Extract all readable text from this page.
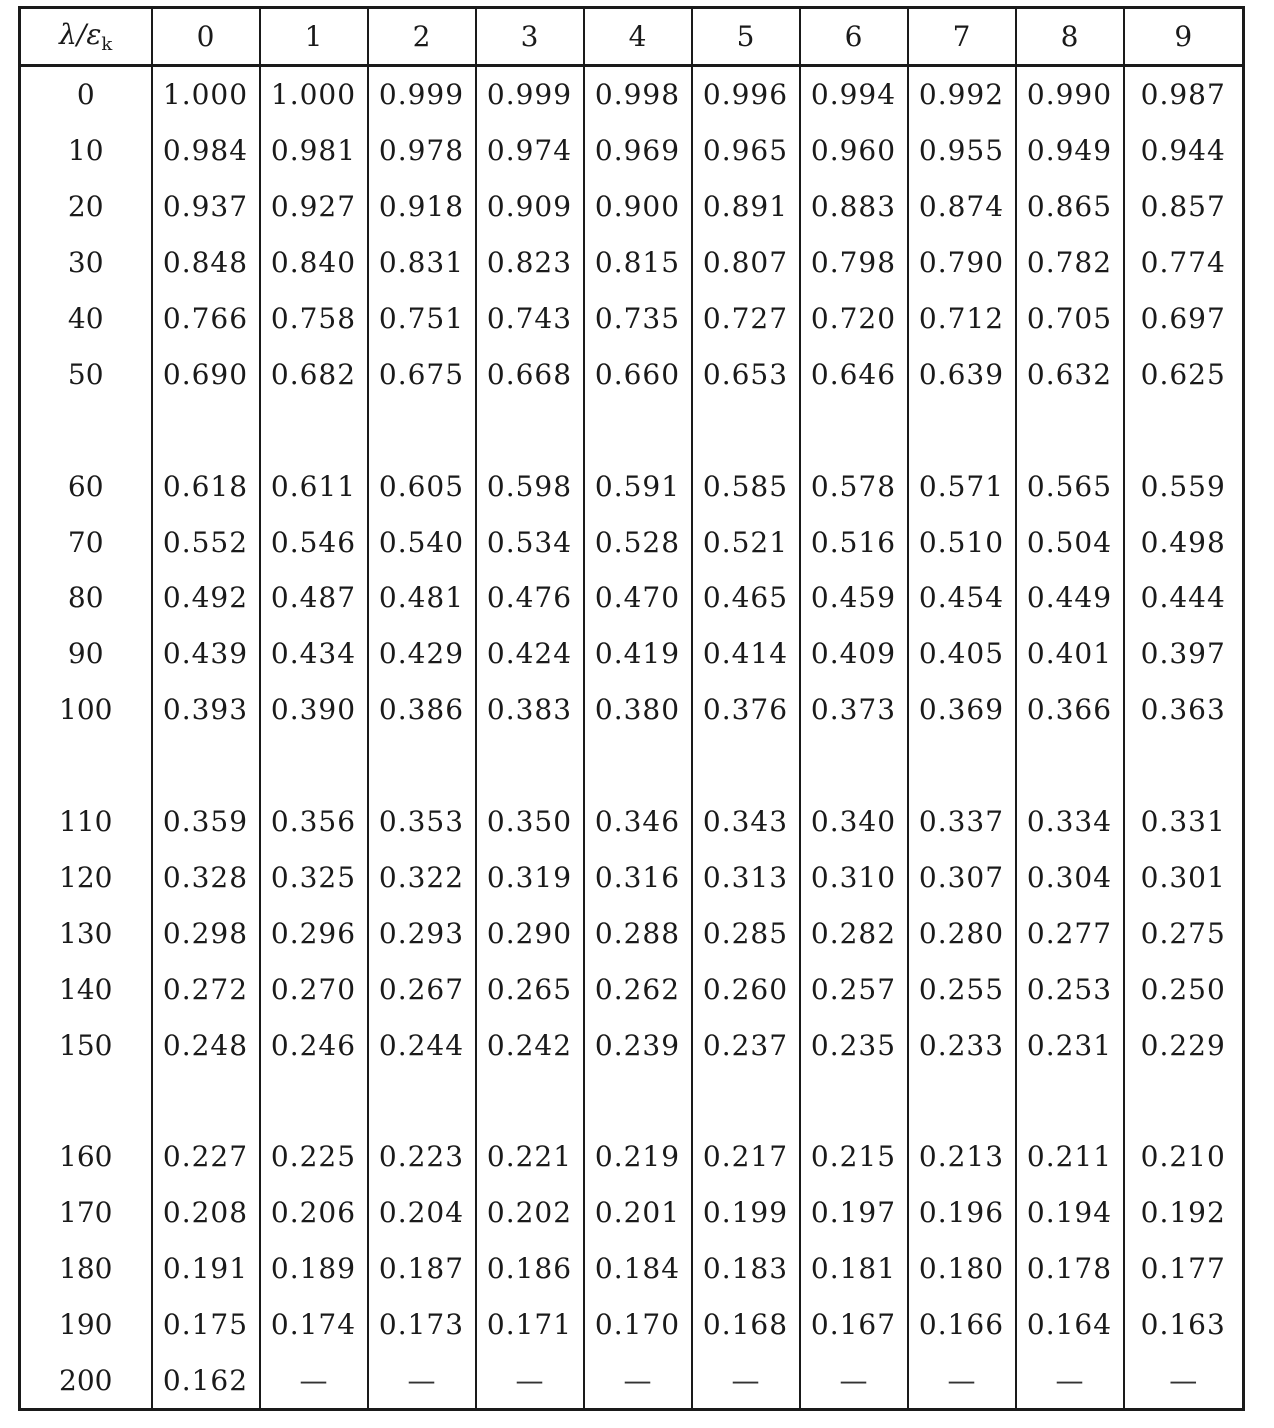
$\lambda/\varepsilon_k$	0	1	2	3	4	5	6	7	8	9
0	1.000	1.000	0.999	0.999	0.998	0.996	0.994	0.992	0.990	0.987
10	0.984	0.981	0.978	0.974	0.969	0.965	0.960	0.955	0.949	0.944
20	0.937	0.927	0.918	0.909	0.900	0.891	0.883	0.874	0.865	0.857
30	0.848	0.840	0.831	0.823	0.815	0.807	0.798	0.790	0.782	0.774
40	0.766	0.758	0.751	0.743	0.735	0.727	0.720	0.712	0.705	0.697
50	0.690	0.682	0.675	0.668	0.660	0.653	0.646	0.639	0.632	0.625

60	0.618	0.611	0.605	0.598	0.591	0.585	0.578	0.571	0.565	0.559
70	0.552	0.546	0.540	0.534	0.528	0.521	0.516	0.510	0.504	0.498
80	0.492	0.487	0.481	0.476	0.470	0.465	0.459	0.454	0.449	0.444
90	0.439	0.434	0.429	0.424	0.419	0.414	0.409	0.405	0.401	0.397
100	0.393	0.390	0.386	0.383	0.380	0.376	0.373	0.369	0.366	0.363

110	0.359	0.356	0.353	0.350	0.346	0.343	0.340	0.337	0.334	0.331
120	0.328	0.325	0.322	0.319	0.316	0.313	0.310	0.307	0.304	0.301
130	0.298	0.296	0.293	0.290	0.288	0.285	0.282	0.280	0.277	0.275
140	0.272	0.270	0.267	0.265	0.262	0.260	0.257	0.255	0.253	0.250
150	0.248	0.246	0.244	0.242	0.239	0.237	0.235	0.233	0.231	0.229

160	0.227	0.225	0.223	0.221	0.219	0.217	0.215	0.213	0.211	0.210
170	0.208	0.206	0.204	0.202	0.201	0.199	0.197	0.196	0.194	0.192
180	0.191	0.189	0.187	0.186	0.184	0.183	0.181	0.180	0.178	0.177
190	0.175	0.174	0.173	0.171	0.170	0.168	0.167	0.166	0.164	0.163
200	0.162	—	—	—	—	—	—	—	—	—
